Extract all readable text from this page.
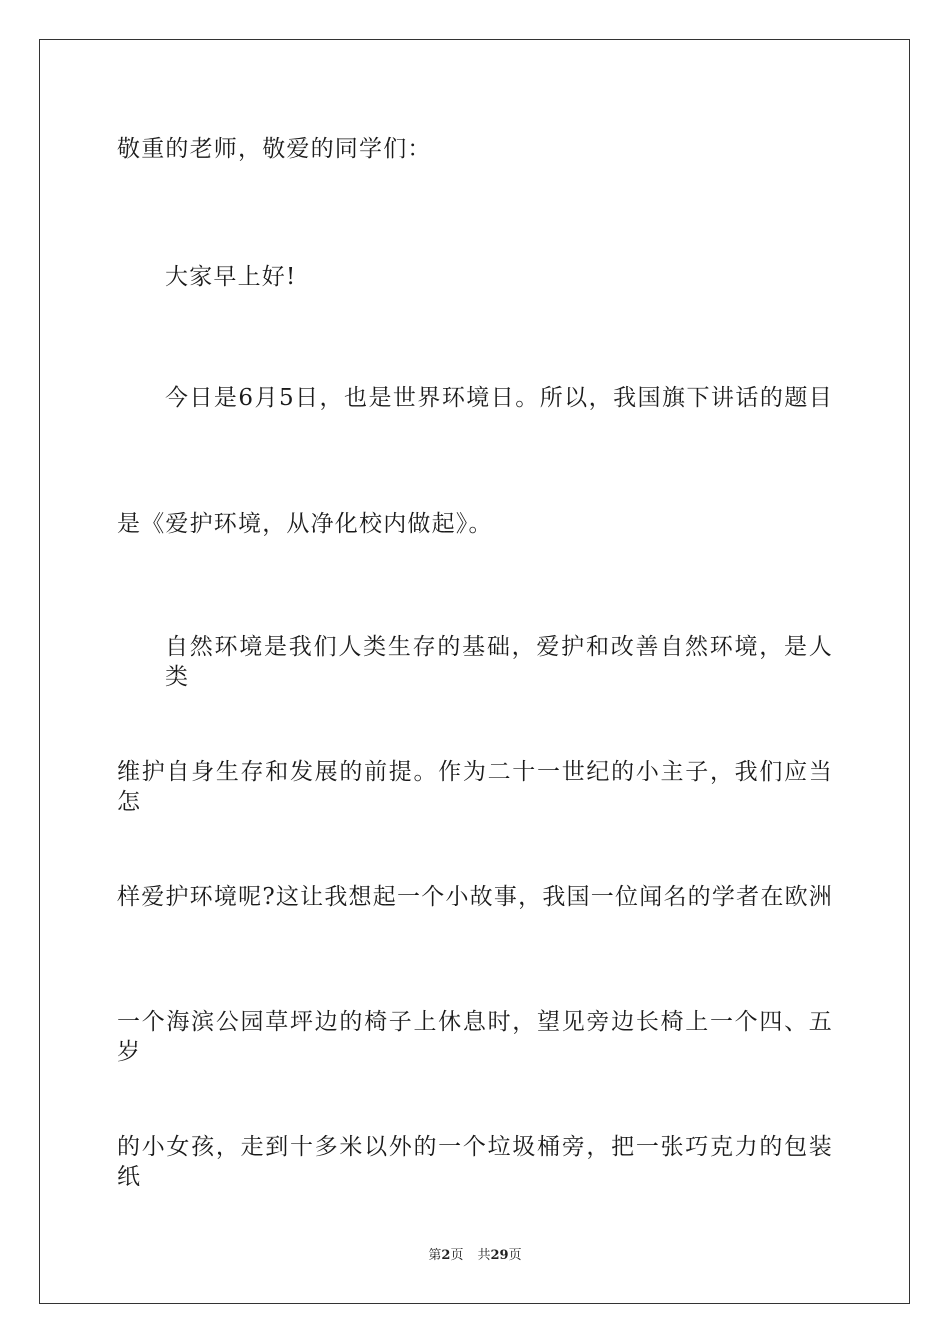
敬重的老师，敬爱的同学们：
大家早上好!
今日是6月5日，也是世界环境日。所以，我国旗下讲话的题目
是《爱护环境，从净化校内做起》。
自然环境是我们人类生存的基础，爱护和改善自然环境，是人类
维护自身生存和发展的前提。作为二十一世纪的小主子，我们应当怎
样爱护环境呢?这让我想起一个小故事，我国一位闻名的学者在欧洲
一个海滨公园草坪边的椅子上休息时，望见旁边长椅上一个四、五岁
的小女孩，走到十多米以外的一个垃圾桶旁，把一张巧克力的包装纸
第2页 共29页
